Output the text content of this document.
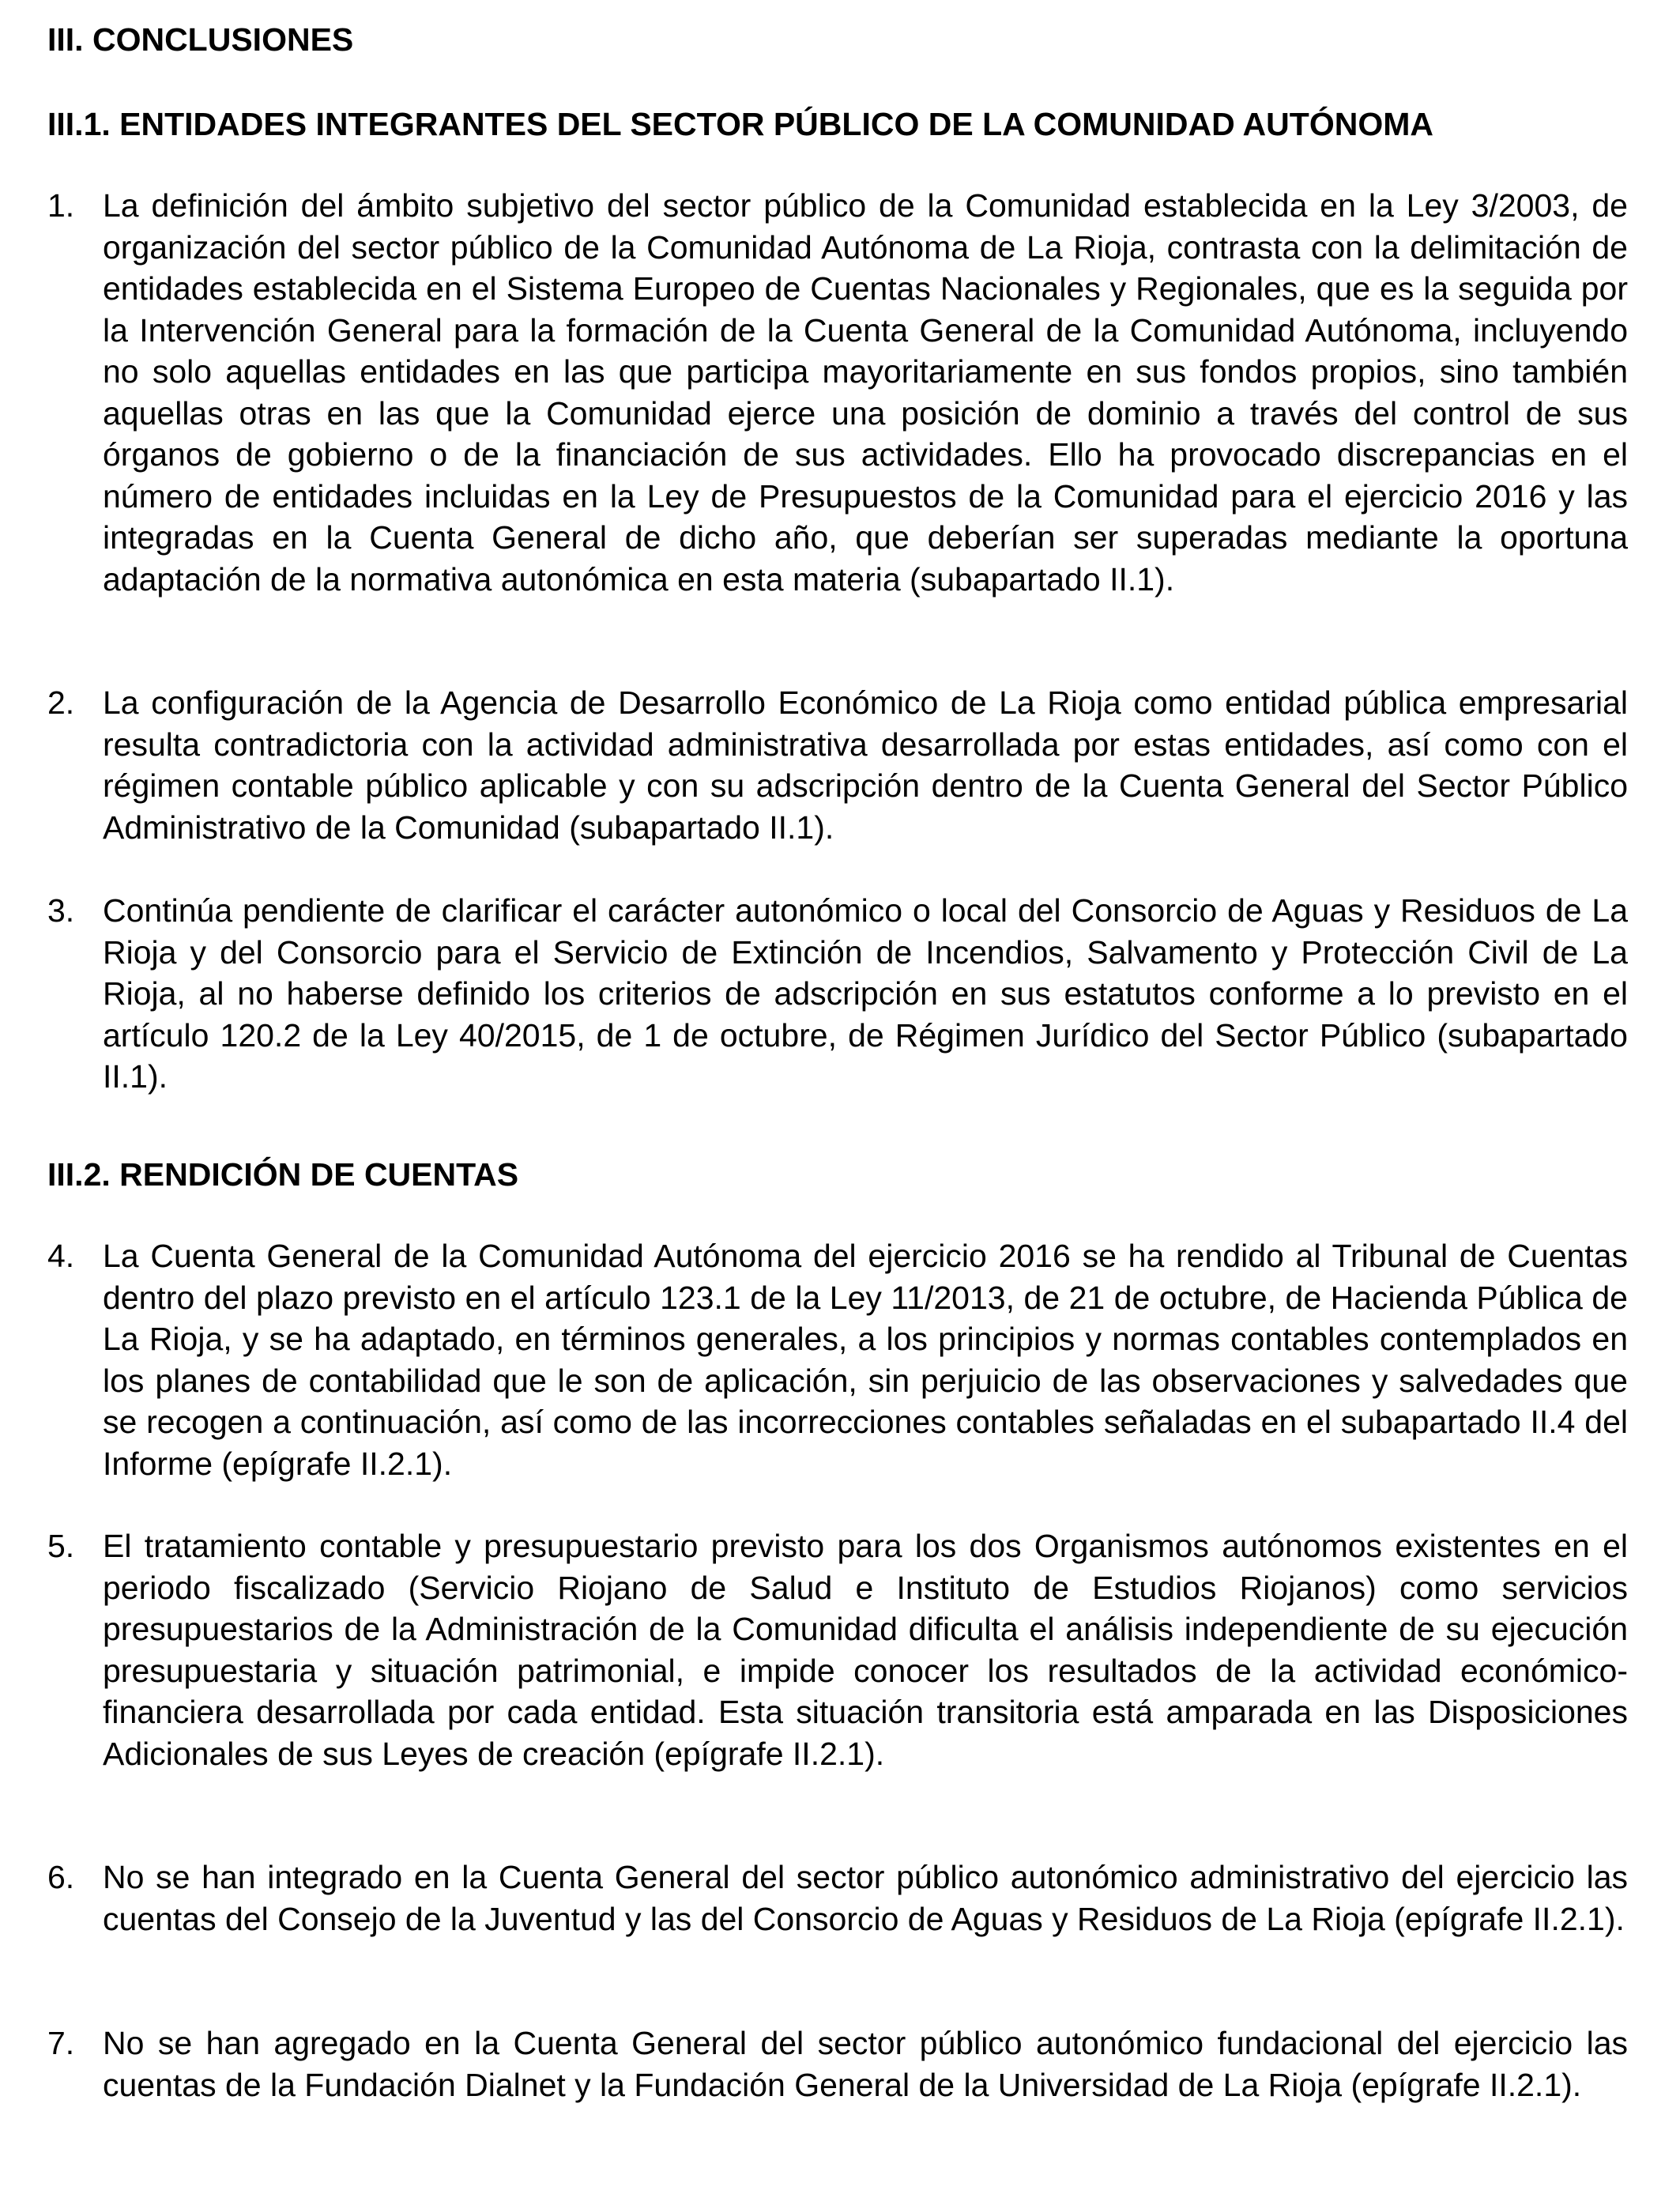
III. CONCLUSIONES
III.1. ENTIDADES INTEGRANTES DEL SECTOR PÚBLICO DE LA COMUNIDAD AUTÓNOMA
1. La definición del ámbito subjetivo del sector público de la Comunidad establecida en la Ley 3/2003, de organización del sector público de la Comunidad Autónoma de La Rioja, contrasta con la delimitación de entidades establecida en el Sistema Europeo de Cuentas Nacionales y Regionales, que es la seguida por la Intervención General para la formación de la Cuenta General de la Comunidad Autónoma, incluyendo no solo aquellas entidades en las que participa mayoritariamente en sus fondos propios, sino también aquellas otras en las que la Comunidad ejerce una posición de dominio a través del control de sus órganos de gobierno o de la financiación de sus actividades. Ello ha provocado discrepancias en el número de entidades incluidas en la Ley de Presupuestos de la Comunidad para el ejercicio 2016 y las integradas en la Cuenta General de dicho año, que deberían ser superadas mediante la oportuna adaptación de la normativa autonómica en esta materia (subapartado II.1).

2. La configuración de la Agencia de Desarrollo Económico de La Rioja como entidad pública empresarial resulta contradictoria con la actividad administrativa desarrollada por estas entidades, así como con el régimen contable público aplicable y con su adscripción dentro de la Cuenta General del Sector Público Administrativo de la Comunidad (subapartado II.1).

3. Continúa pendiente de clarificar el carácter autonómico o local del Consorcio de Aguas y Residuos de La Rioja y del Consorcio para el Servicio de Extinción de Incendios, Salvamento y Protección Civil de La Rioja, al no haberse definido los criterios de adscripción en sus estatutos conforme a lo previsto en el artículo 120.2 de la Ley 40/2015, de 1 de octubre, de Régimen Jurídico del Sector Público (subapartado II.1).

III.2. RENDICIÓN DE CUENTAS
4. La Cuenta General de la Comunidad Autónoma del ejercicio 2016 se ha rendido al Tribunal de Cuentas dentro del plazo previsto en el artículo 123.1 de la Ley 11/2013, de 21 de octubre, de Hacienda Pública de La Rioja, y se ha adaptado, en términos generales, a los principios y normas contables contemplados en los planes de contabilidad que le son de aplicación, sin perjuicio de las observaciones y salvedades que se recogen a continuación, así como de las incorrecciones contables señaladas en el subapartado II.4 del Informe (epígrafe II.2.1).

5. El tratamiento contable y presupuestario previsto para los dos Organismos autónomos existentes en el periodo fiscalizado (Servicio Riojano de Salud e Instituto de Estudios Riojanos) como servicios presupuestarios de la Administración de la Comunidad dificulta el análisis independiente de su ejecución presupuestaria y situación patrimonial, e impide conocer los resultados de la actividad económico-financiera desarrollada por cada entidad. Esta situación transitoria está amparada en las Disposiciones Adicionales de sus Leyes de creación (epígrafe II.2.1).

6. No se han integrado en la Cuenta General del sector público autonómico administrativo del ejercicio las cuentas del Consejo de la Juventud y las del Consorcio de Aguas y Residuos de La Rioja (epígrafe II.2.1).

7. No se han agregado en la Cuenta General del sector público autonómico fundacional del ejercicio las cuentas de la Fundación Dialnet y la Fundación General de la Universidad de La Rioja (epígrafe II.2.1).
